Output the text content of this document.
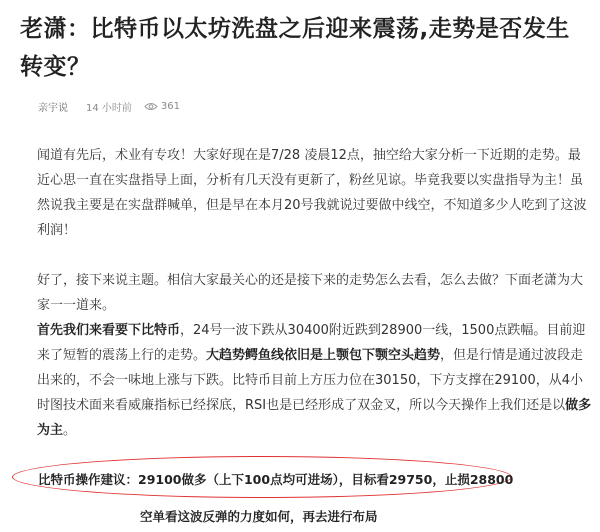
老潇：比特币以太坊洗盘之后迎来震荡,走势是否发生转变？
亲宇说 14 小时前	361
闻道有先后，术业有专攻！大家好现在是7/28 凌晨12点，抽空给大家分析一下近期的走势。最近心思一直在实盘指导上面，分析有几天没有更新了，粉丝见谅。毕竟我要以实盘指导为主！虽然说我主要是在实盘群喊单，但是早在本月20号我就说过要做中线空，不知道多少人吃到了这波利润！
好了，接下来说主题。相信大家最关心的还是接下来的走势怎么去看，怎么去做？下面老潇为大家一一道来。
首先我们来看要下比特币，24号一波下跌从30400附近跌到28900一线，1500点跌幅。目前迎来了短暂的震荡上行的走势。大趋势鳄鱼线依旧是上颚包下颚空头趋势，但是行情是通过波段走出来的，不会一味地上涨与下跌。比特币目前上方压力位在30150，下方支撑在29100，从4小时图技术面来看威廉指标已经探底，RSI也是已经形成了双金叉，所以今天操作上我们还是以做多为主。
比特币操作建议：29100做多（上下100点均可进场），目标看29750，止损28800
空单看这波反弹的力度如何，再去进行布局
